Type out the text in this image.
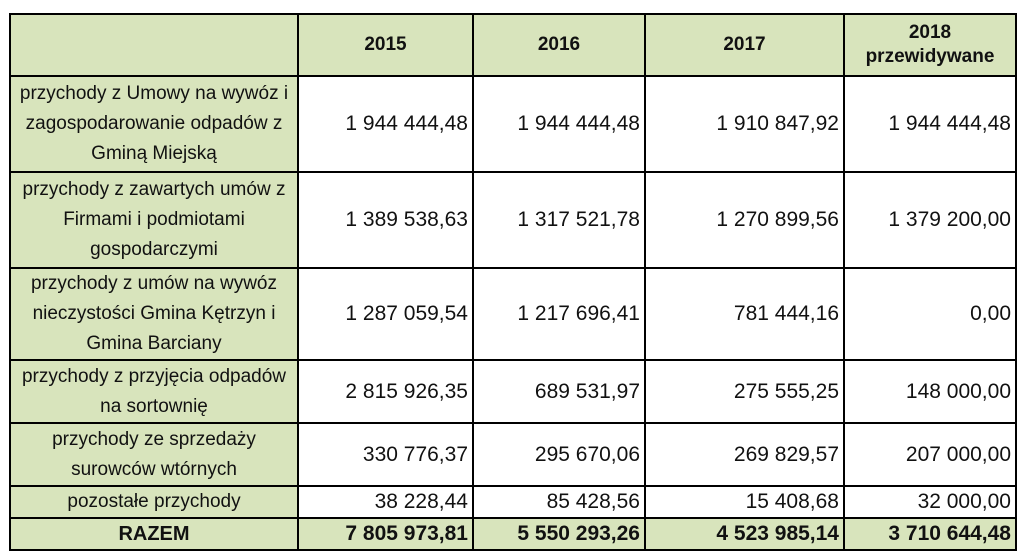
	2015	2016	2017	2018
przewidywane

przychody z Umowy na wywóz i zagospodarowanie odpadów z Gminą Miejską	1 944 444,48	1 944 444,48	1 910 847,92	1 944 444,48
przychody z zawartych umów z Firmami i podmiotami gospodarczymi	1 389 538,63	1 317 521,78	1 270 899,56	1 379 200,00
przychody z umów na wywóz nieczystości Gmina Kętrzyn i Gmina Barciany	1 287 059,54	1 217 696,41	781 444,16	0,00
przychody z przyjęcia odpadów na sortownię	2 815 926,35	689 531,97	275 555,25	148 000,00
przychody ze sprzedaży surowców wtórnych	330 776,37	295 670,06	269 829,57	207 000,00
pozostałe przychody	38 228,44	85 428,56	15 408,68	32 000,00
RAZEM	7 805 973,81	5 550 293,26	4 523 985,14	3 710 644,48
